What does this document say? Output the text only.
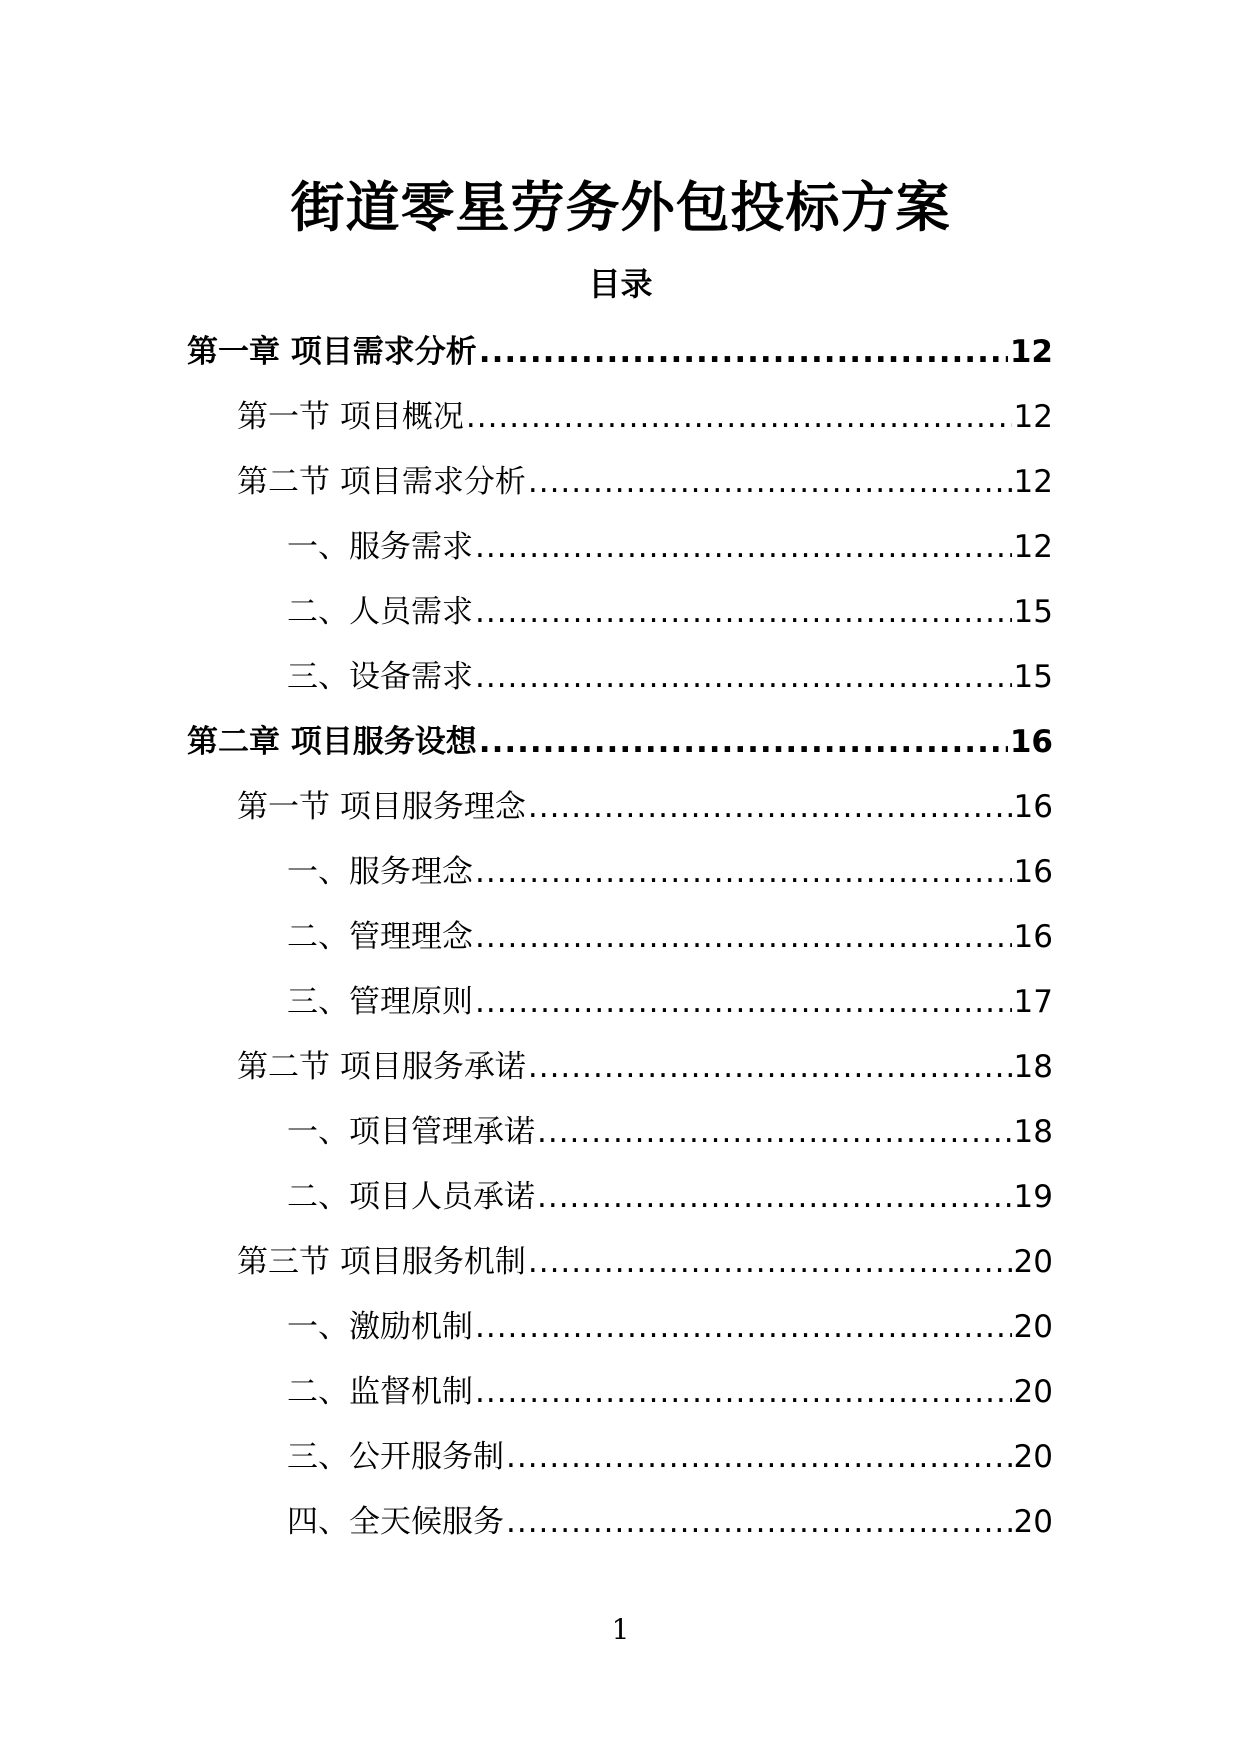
街道零星劳务外包投标方案
目录
第一章 项目需求分析 .....	12
第一节 项目概况 .....	12
第二节 项目需求分析 .....	12
一、服务需求 .....	12
二、人员需求 .....	15
三、设备需求 .....	15
第二章 项目服务设想 .....	16
第一节 项目服务理念 .....	16
一、服务理念 .....	16
二、管理理念 .....	16
三、管理原则 .....	17
第二节 项目服务承诺 .....	18
一、项目管理承诺 .....	18
二、项目人员承诺 .....	19
第三节 项目服务机制 .....	20
一、激励机制 .....	20
二、监督机制 .....	20
三、公开服务制 .....	20
四、全天候服务 .....	20
1
